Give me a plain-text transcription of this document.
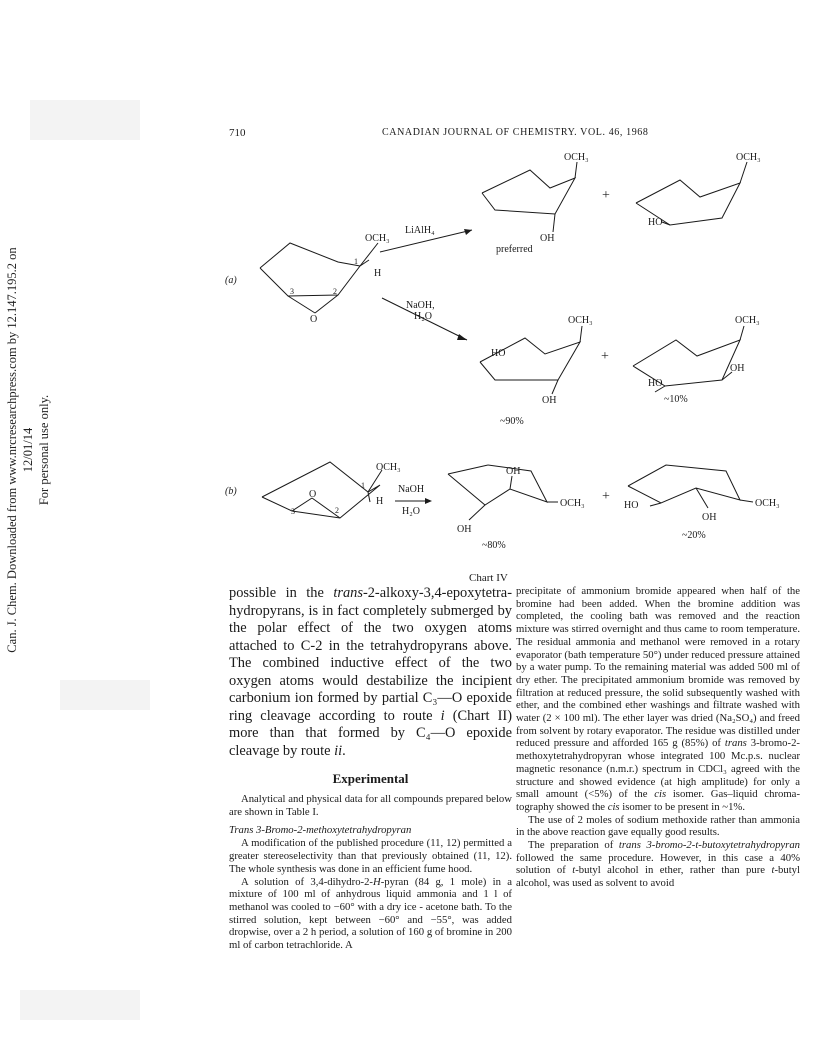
Can. J. Chem. Downloaded from www.nrcresearchpress.com by 12.147.195.2 on 12/01/14 For personal use only.
710	CANADIAN JOURNAL OF CHEMISTRY. VOL. 46, 1968
(a)
OCH₃
H
1
2
3
O
LiAlH₄
NaOH,
H₂O
OCH₃
OH
preferred
+
OCH₃
HO
OCH₃
HO
OH
~90%
+
OCH₃
OH
HO
~10%
(b)
OCH₃
H
1
2
3
O	NaOH
H₂O
OH
OCH₃
OH
~80%
+
HO	OCH₃
OH
~20%
Chart IV

possible in the trans-2-alkoxy-3,4-epoxytetrahydropyrans, is in fact completely submerged by the polar effect of the two oxygen atoms attached to C-2 in the tetrahydropyrans above. The combined inductive effect of the two oxygen atoms would destabilize the incipient carbonium ion formed by partial C₃—O epoxide ring cleavage according to route i (Chart II) more than that formed by C₄—O epoxide cleavage by route ii.

Experimental

Analytical and physical data for all compounds prepared below are shown in Table I.

Trans 3-Bromo-2-methoxytetrahydropyran

A modification of the published procedure (11, 12) permitted a greater stereoselectivity than that previously obtained (11, 12). The whole synthesis was done in an efficient fume hood.

A solution of 3,4-dihydro-2-H-pyran (84 g, 1 mole) in a mixture of 100 ml of anhydrous liquid ammonia and 1 l of methanol was cooled to −60° with a dry ice - acetone bath. To the stirred solution, kept between −60° and −55°, was added dropwise, over a 2 h period, a solution of 160 g of bromine in 200 ml of carbon tetrachloride. A

precipitate of ammonium bromide appeared when half of the bromine had been added. When the bromine addition was completed, the cooling bath was removed and the reaction mixture was stirred overnight and thus came to room temperature. The residual ammonia and methanol were removed in a rotary evaporator (bath temperature 50°) under reduced pressure attained by a water pump. To the remaining material was added 500 ml of dry ether. The precipitated ammonium bromide was removed by filtration at reduced pressure, the solid subsequently washed with ether, and the combined ether washings and filtrate washed with water (2 × 100 ml). The ether layer was dried (Na₂SO₄) and freed from solvent by rotary evaporator. The residue was distilled under reduced pressure and afforded 165 g (85%) of trans 3-bromo-2-methoxytetrahydropyran whose integrated 100 Mc.p.s. nuclear magnetic resonance (n.m.r.) spectrum in CDCl₃ agreed with the structure and showed evidence (at high amplitude) for only a small amount (<5%) of the cis isomer. Gas–liquid chromatography showed the cis isomer to be present in ~1%.

The use of 2 moles of sodium methoxide rather than ammonia in the above reaction gave equally good results.

The preparation of trans 3-bromo-2-t-butoxytetrahydropyran followed the same procedure. However, in this case a 40% solution of t-butyl alcohol in ether, rather than pure t-butyl alcohol, was used as solvent to avoid
